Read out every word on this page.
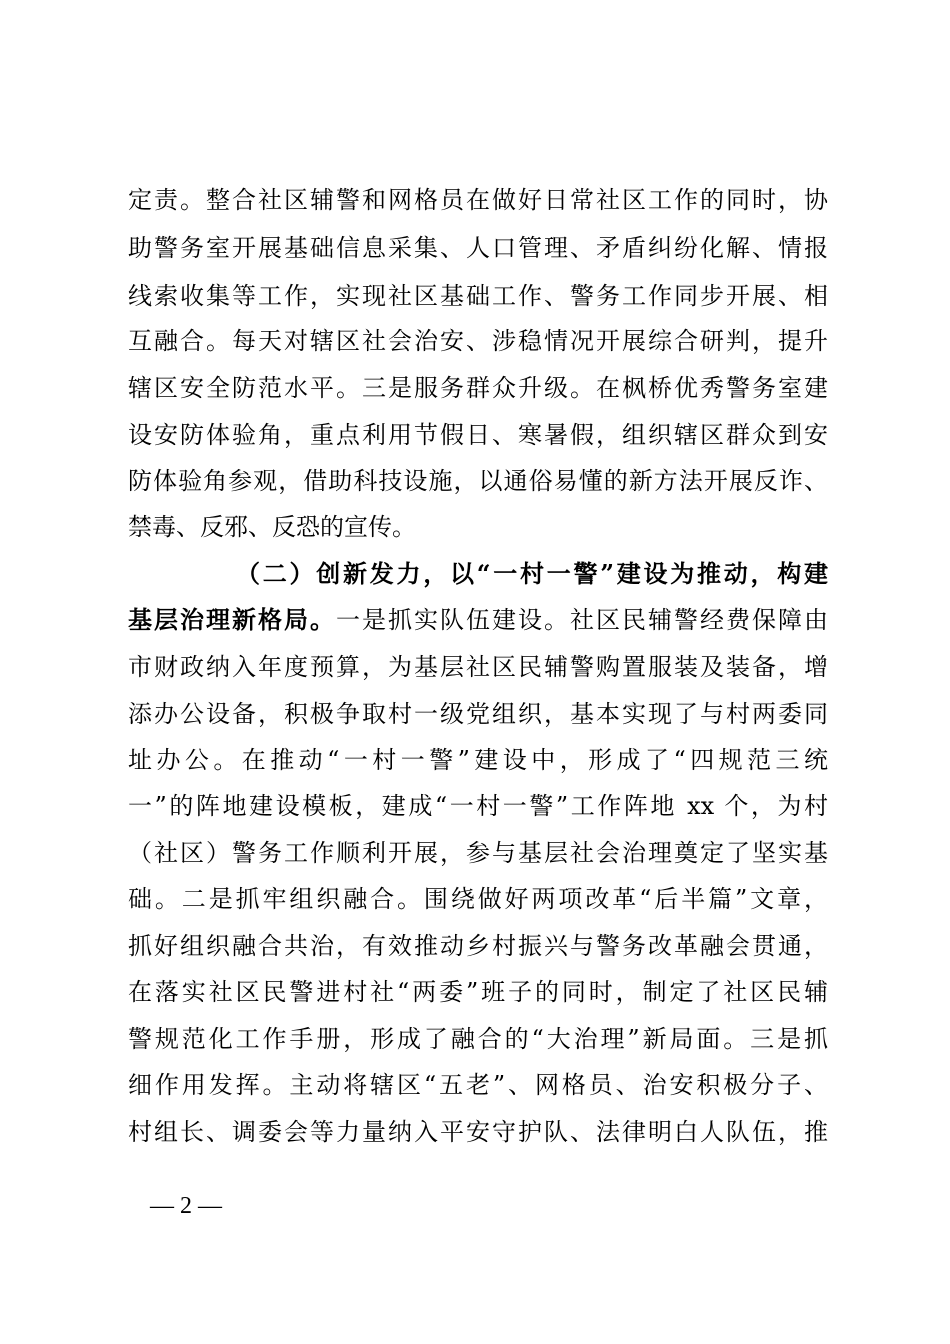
定责。整合社区辅警和网格员在做好日常社区工作的同时，协
助警务室开展基础信息采集、人口管理、矛盾纠纷化解、情报
线索收集等工作，实现社区基础工作、警务工作同步开展、相
互融合。每天对辖区社会治安、涉稳情况开展综合研判，提升
辖区安全防范水平。三是服务群众升级。在枫桥优秀警务室建
设安防体验角，重点利用节假日、寒暑假，组织辖区群众到安
防体验角参观，借助科技设施，以通俗易懂的新方法开展反诈、
禁毒、反邪、反恐的宣传。
（二）创新发力，以“一村一警”建设为推动，构建
基层治理新格局。一是抓实队伍建设。社区民辅警经费保障由
市财政纳入年度预算，为基层社区民辅警购置服装及装备，增
添办公设备，积极争取村一级党组织，基本实现了与村两委同
址办公。在推动“一村一警”建设中，形成了“四规范三统
一”的阵地建设模板，建成“一村一警”工作阵地 xx 个，为村
（社区）警务工作顺利开展，参与基层社会治理奠定了坚实基
础。二是抓牢组织融合。围绕做好两项改革“后半篇”文章，
抓好组织融合共治，有效推动乡村振兴与警务改革融会贯通，
在落实社区民警进村社“两委”班子的同时，制定了社区民辅
警规范化工作手册，形成了融合的“大治理”新局面。三是抓
细作用发挥。主动将辖区“五老”、网格员、治安积极分子、
村组长、调委会等力量纳入平安守护队、法律明白人队伍，推
— 2 —
